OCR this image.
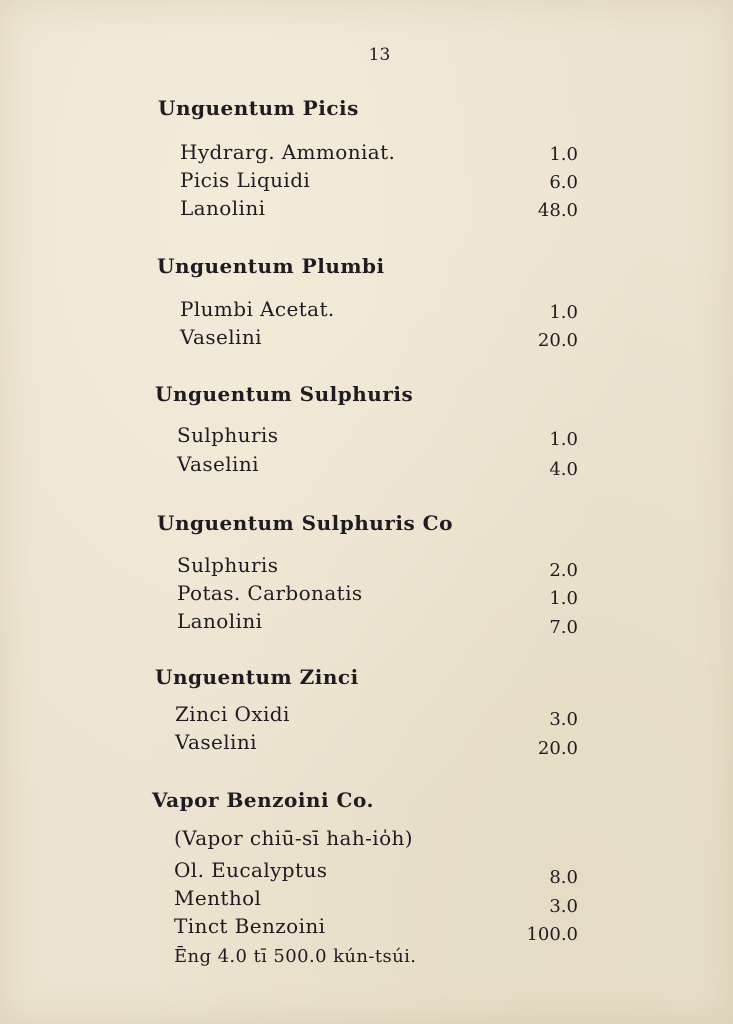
13
Unguentum Picis
Hydrarg. Ammoniat.	1.0
Picis Liquidi	6.0
Lanolini	48.0
Unguentum Plumbi
Plumbi Acetat.	1.0
Vaselini	20.0
Unguentum Sulphuris
Sulphuris	1.0
Vaselini	4.0
Unguentum Sulphuris Co
Sulphuris	2.0
Potas. Carbonatis	1.0
Lanolini	7.0
Unguentum Zinci
Zinci Oxidi	3.0
Vaselini	20.0
Vapor Benzoini Co.
(Vapor chiū-sī hah-io̍h)
Ol. Eucalyptus	8.0
Menthol	3.0
Tinct Benzoini	100.0
Ēng 4.0 tī 500.0 kún-tsúi.
